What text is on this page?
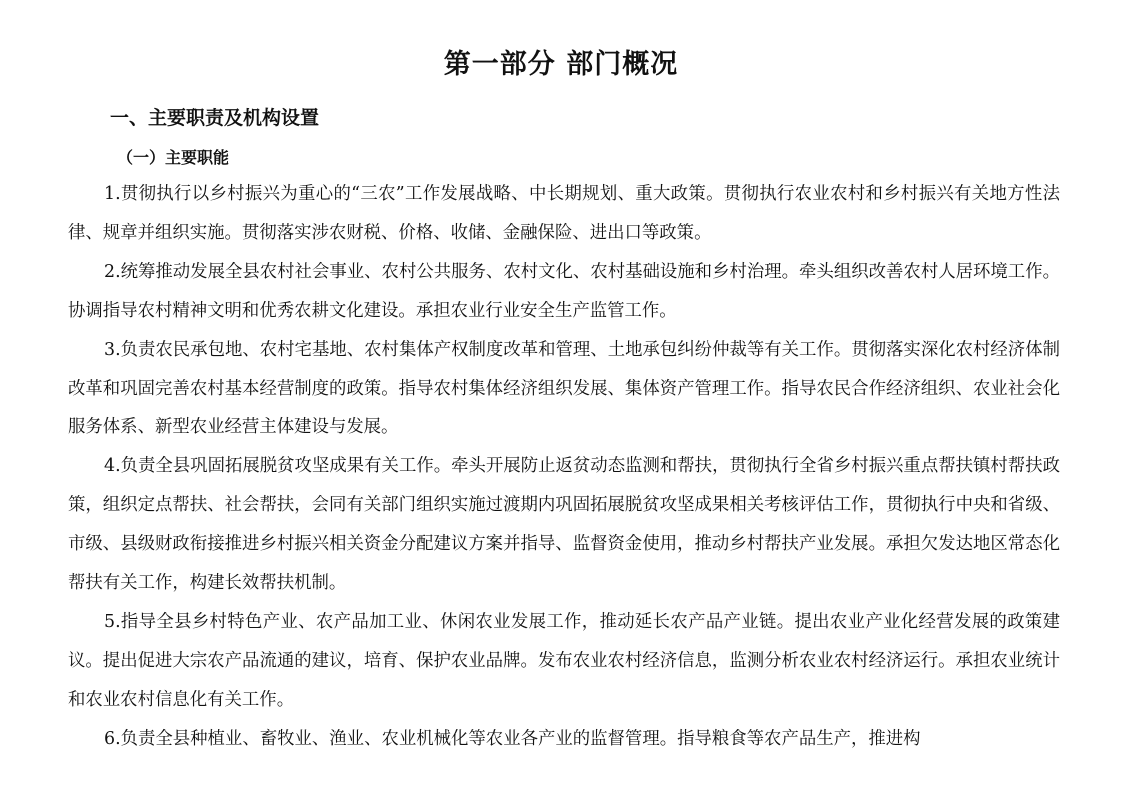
第一部分 部门概况
一、主要职责及机构设置
（一）主要职能

1.贯彻执行以乡村振兴为重心的“三农”工作发展战略、中长期规划、重大政策。贯彻执行农业农村和乡村振兴有关地方性法律、规章并组织实施。贯彻落实涉农财税、价格、收储、金融保险、进出口等政策。

2.统筹推动发展全县农村社会事业、农村公共服务、农村文化、农村基础设施和乡村治理。牵头组织改善农村人居环境工作。协调指导农村精神文明和优秀农耕文化建设。承担农业行业安全生产监管工作。

3.负责农民承包地、农村宅基地、农村集体产权制度改革和管理、土地承包纠纷仲裁等有关工作。贯彻落实深化农村经济体制改革和巩固完善农村基本经营制度的政策。指导农村集体经济组织发展、集体资产管理工作。指导农民合作经济组织、农业社会化服务体系、新型农业经营主体建设与发展。

4.负责全县巩固拓展脱贫攻坚成果有关工作。牵头开展防止返贫动态监测和帮扶，贯彻执行全省乡村振兴重点帮扶镇村帮扶政策，组织定点帮扶、社会帮扶，会同有关部门组织实施过渡期内巩固拓展脱贫攻坚成果相关考核评估工作，贯彻执行中央和省级、市级、县级财政衔接推进乡村振兴相关资金分配建议方案并指导、监督资金使用，推动乡村帮扶产业发展。承担欠发达地区常态化帮扶有关工作，构建长效帮扶机制。

5.指导全县乡村特色产业、农产品加工业、休闲农业发展工作，推动延长农产品产业链。提出农业产业化经营发展的政策建议。提出促进大宗农产品流通的建议，培育、保护农业品牌。发布农业农村经济信息，监测分析农业农村经济运行。承担农业统计和农业农村信息化有关工作。

6.负责全县种植业、畜牧业、渔业、农业机械化等农业各产业的监督管理。指导粮食等农产品生产，推进构
